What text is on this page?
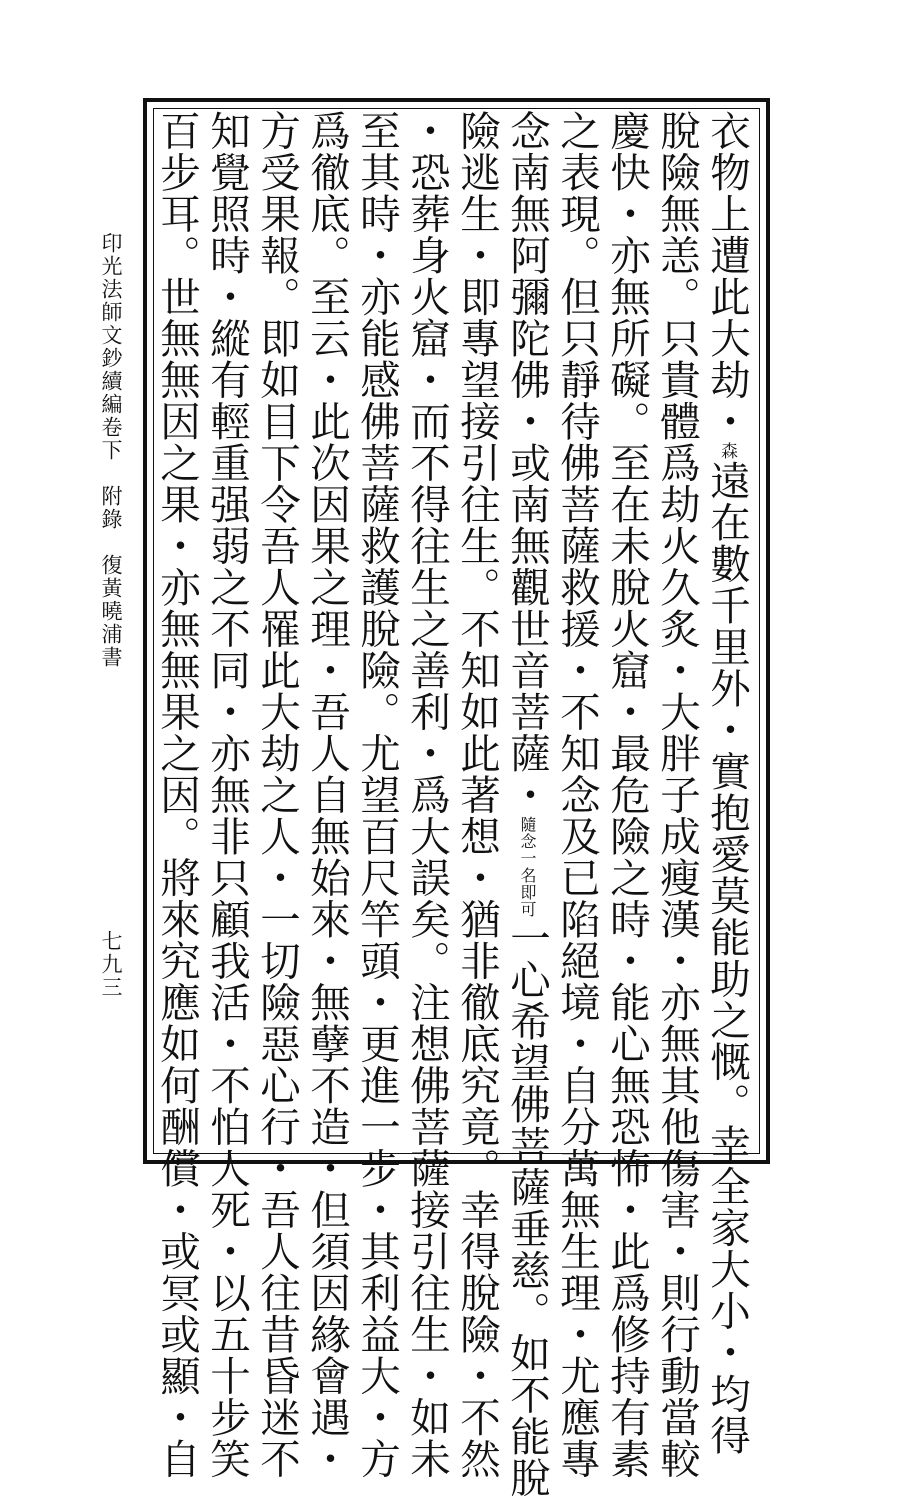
印光法師文鈔續編卷下　附錄　復黃曉浦書
七九三
衣物上遭此大劫・$^森$遠在數千里外・實抱愛莫能助之慨。幸全家大小・均得
脫險無恙。只貴體爲劫火久炙・大胖子成瘦漢・亦無其他傷害・則行動當較
慶快・亦無所礙。至在未脫火窟・最危險之時・能心無恐怖・此爲修持有素
之表現。但只靜待佛菩薩救援・不知念及已陷絕境・自分萬無生理・尤應專
念南無阿彌陀佛・或南無觀世音菩薩・
隨念一
名即可
一心希望佛菩薩垂慈。如不能脫
險逃生・即專望接引往生。不知如此著想・猶非徹底究竟。幸得脫險・不然
・恐葬身火窟・而不得往生之善利・爲大誤矣。注想佛菩薩接引往生・如未
至其時・亦能感佛菩薩救護脫險。尤望百尺竿頭・更進一步・其利益大・方
爲徹底。至云・此次因果之理・吾人自無始來・無孽不造・但須因緣會遇・
方受果報。即如目下令吾人罹此大劫之人・一切險惡心行・吾人往昔昏迷不
知覺照時・縱有輕重强弱之不同・亦無非只顧我活・不怕人死・以五十步笑
百步耳。世無無因之果・亦無無果之因。將來究應如何酬償・或冥或顯・自
